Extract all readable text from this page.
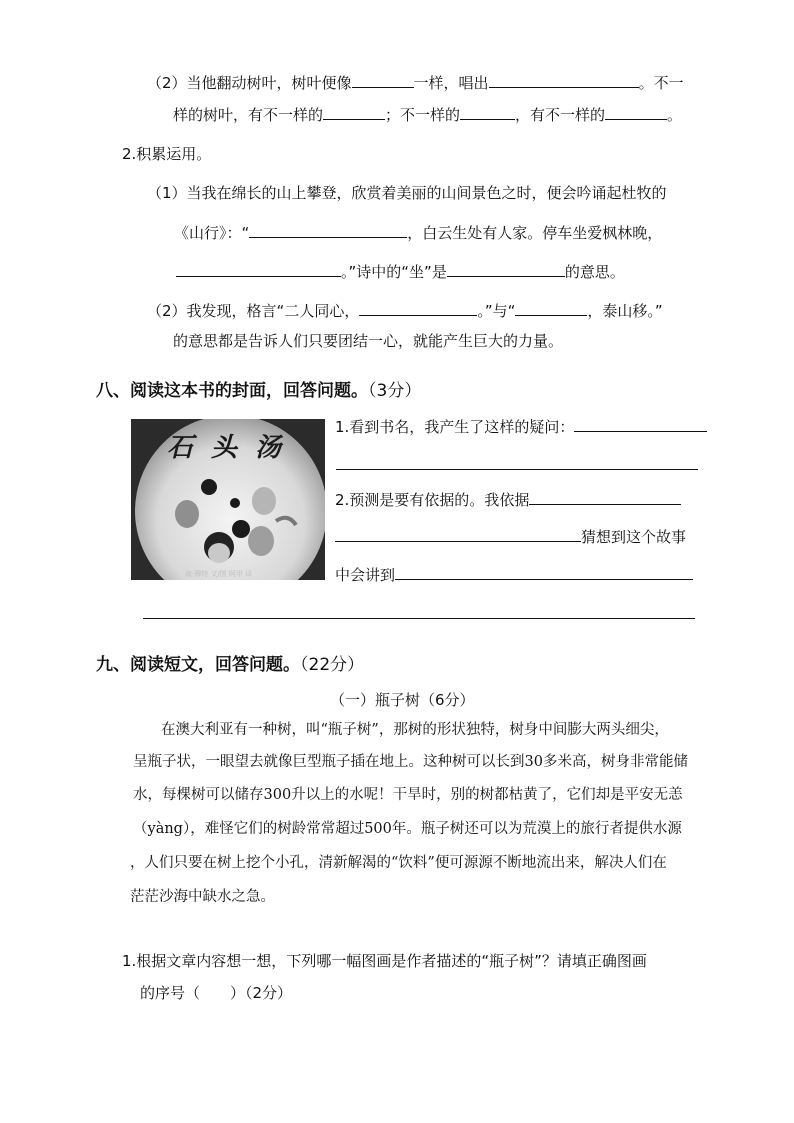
（2）当他翻动树叶，树叶便像	一样，唱出	。不一
样的树叶，有不一样的	；不一样的	，有不一样的	。
2.积累运用。
（1）当我在绵长的山上攀登，欣赏着美丽的山间景色之时，便会吟诵起杜牧的
《山行》：“	，白云生处有人家。停车坐爱枫林晚，
。”诗中的“坐”是	的意思。
（2）我发现，格言“二人同心，	。”与“	，泰山移。”
的意思都是告诉人们只要团结一心，就能产生巨大的力量。
八、阅读这本书的封面，回答问题。（3分）
石头汤
琼·穆特 文/图 阿甲 译
1.看到书名，我产生了这样的疑问：
2.预测是要有依据的。我依据
猜想到这个故事
中会讲到
九、阅读短文，回答问题。（22分）
（一）瓶子树（6分）
在澳大利亚有一种树，叫“瓶子树”，那树的形状独特，树身中间膨大两头细尖，
呈瓶子状，一眼望去就像巨型瓶子插在地上。这种树可以长到30多米高，树身非常能储
水，每棵树可以储存300升以上的水呢！干旱时，别的树都枯黄了，它们却是平安无恙
（yàng），难怪它们的树龄常常超过500年。瓶子树还可以为荒漠上的旅行者提供水源
，人们只要在树上挖个小孔，清新解渴的“饮料”便可源源不断地流出来，解决人们在
茫茫沙海中缺水之急。
1.根据文章内容想一想，下列哪一幅图画是作者描述的“瓶子树”？请填正确图画
的序号（　　）（2分）
